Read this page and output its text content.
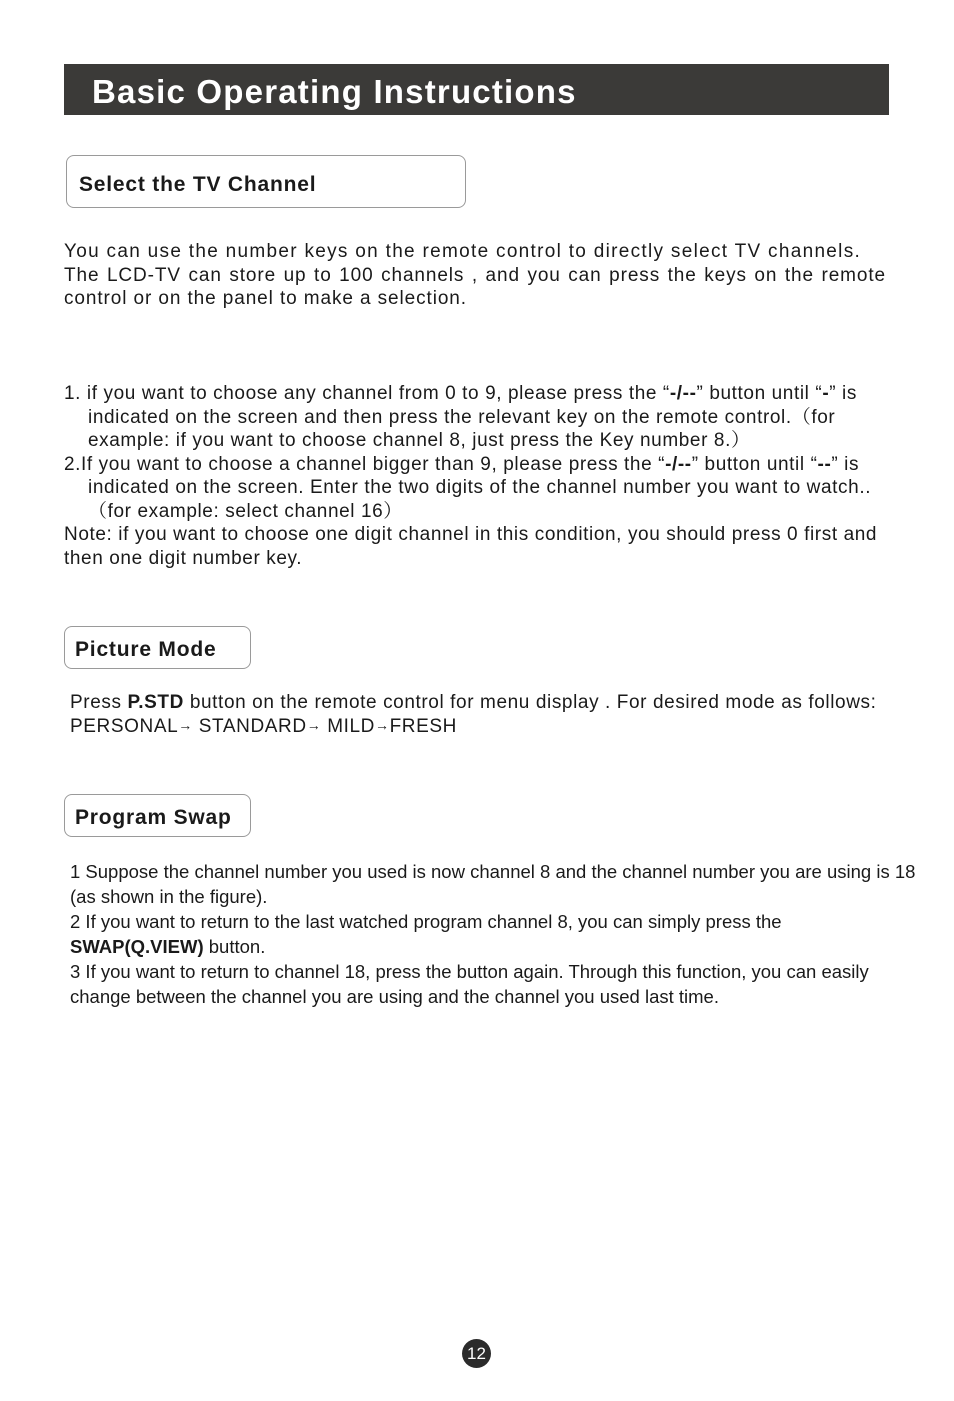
Basic Operating Instructions
Select the TV Channel

You can use the number keys on the remote control to directly select TV channels.

The LCD-TV can store up to 100 channels , and you can press the keys on the remote control or on the panel to make a selection.

1. if you want to choose any channel from 0 to 9, please press the “-/--” button until “-” is indicated on the screen and then press the relevant key on the remote control.（for example: if you want to choose channel 8, just press the Key number 8.）

2.If you want to choose a channel bigger than 9, please press the “-/--” button until “--” is indicated on the screen. Enter the two digits of the channel number you want to watch..（for example: select channel 16）

Note: if you want to choose one digit channel in this condition, you should press 0 first and then one digit number key.

Picture Mode

Press P.STD button on the remote control for menu display . For desired mode as follows:

PERSONAL→ STANDARD→ MILD→FRESH

Program Swap

1 Suppose the channel number you used is now channel 8 and the channel number you are using is 18 (as shown in the figure).

2 If you want to return to the last watched program channel 8, you can simply press the SWAP(Q.VIEW) button.

3 If you want to return to channel 18, press the button again. Through this function, you can easily change between the channel you are using and the channel you used last time.

12
